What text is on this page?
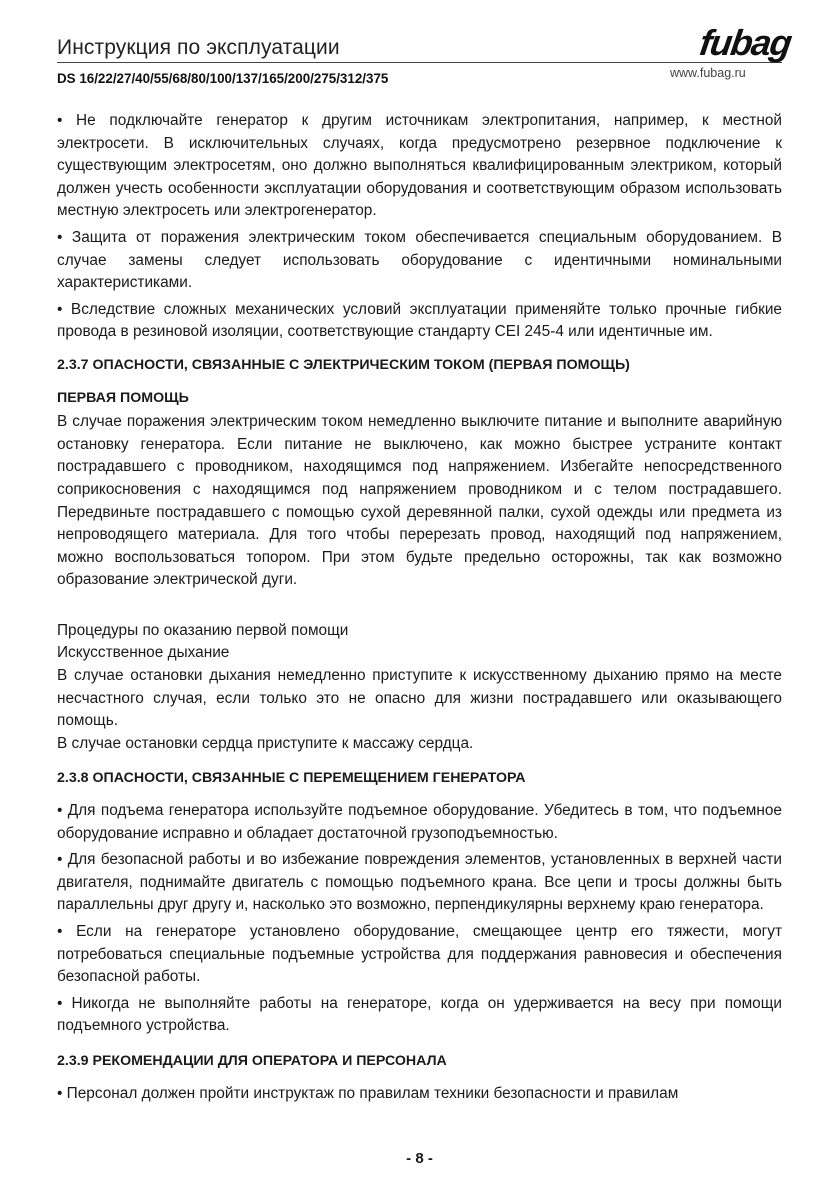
Инструкция по эксплуатации
DS 16/22/27/40/55/68/80/100/137/165/200/275/312/375
fubag
www.fubag.ru

• Не подключайте генератор к другим источникам электропитания, например, к местной электросети. В исключительных случаях, когда предусмотрено резервное подключение к существующим электросетям, оно должно выполняться квалифицированным электриком, который должен учесть особенности эксплуатации оборудования и соответствующим образом использовать местную электросеть или электрогенератор.

• Защита от поражения электрическим током обеспечивается специальным оборудованием. В случае замены следует использовать оборудование с идентичными номинальными характеристиками.

• Вследствие сложных механических условий эксплуатации применяйте только прочные гибкие провода в резиновой изоляции, соответствующие стандарту CEI 245-4 или идентичные им.

2.3.7 ОПАСНОСТИ, СВЯЗАННЫЕ С ЭЛЕКТРИЧЕСКИМ ТОКОМ (ПЕРВАЯ ПОМОЩЬ)

ПЕРВАЯ ПОМОЩЬ

В случае поражения электрическим током немедленно выключите питание и выполните аварийную остановку генератора. Если питание не выключено, как можно быстрее устраните контакт пострадавшего с проводником, находящимся под напряжением. Избегайте непосредственного соприкосновения с находящимся под напряжением проводником и с телом пострадавшего. Передвиньте пострадавшего с помощью сухой деревянной палки, сухой одежды или предмета из непроводящего материала. Для того чтобы перерезать провод, находящий под напряжением, можно воспользоваться топором. При этом будьте предельно осторожны, так как возможно образование электрической дуги.

Процедуры по оказанию первой помощи

Искусственное дыхание

В случае остановки дыхания немедленно приступите к искусственному дыханию прямо на месте несчастного случая, если только это не опасно для жизни пострадавшего или оказывающего помощь.

В случае остановки сердца приступите к массажу сердца.

2.3.8 ОПАСНОСТИ, СВЯЗАННЫЕ С ПЕРЕМЕЩЕНИЕМ ГЕНЕРАТОРА

• Для подъема генератора используйте подъемное оборудование. Убедитесь в том, что подъемное оборудование исправно и обладает достаточной грузоподъемностью.

• Для безопасной работы и во избежание повреждения элементов, установленных в верхней части двигателя, поднимайте двигатель с помощью подъемного крана. Все цепи и тросы должны быть параллельны друг другу и, насколько это возможно, перпендикулярны верхнему краю генератора.

• Если на генераторе установлено оборудование, смещающее центр его тяжести, могут потребоваться специальные подъемные устройства для поддержания равновесия и обеспечения безопасной работы.

• Никогда не выполняйте работы на генераторе, когда он удерживается на весу при помощи подъемного устройства.

2.3.9 РЕКОМЕНДАЦИИ ДЛЯ ОПЕРАТОРА И ПЕРСОНАЛА

• Персонал должен пройти инструктаж по правилам техники безопасности и правилам

- 8 -
